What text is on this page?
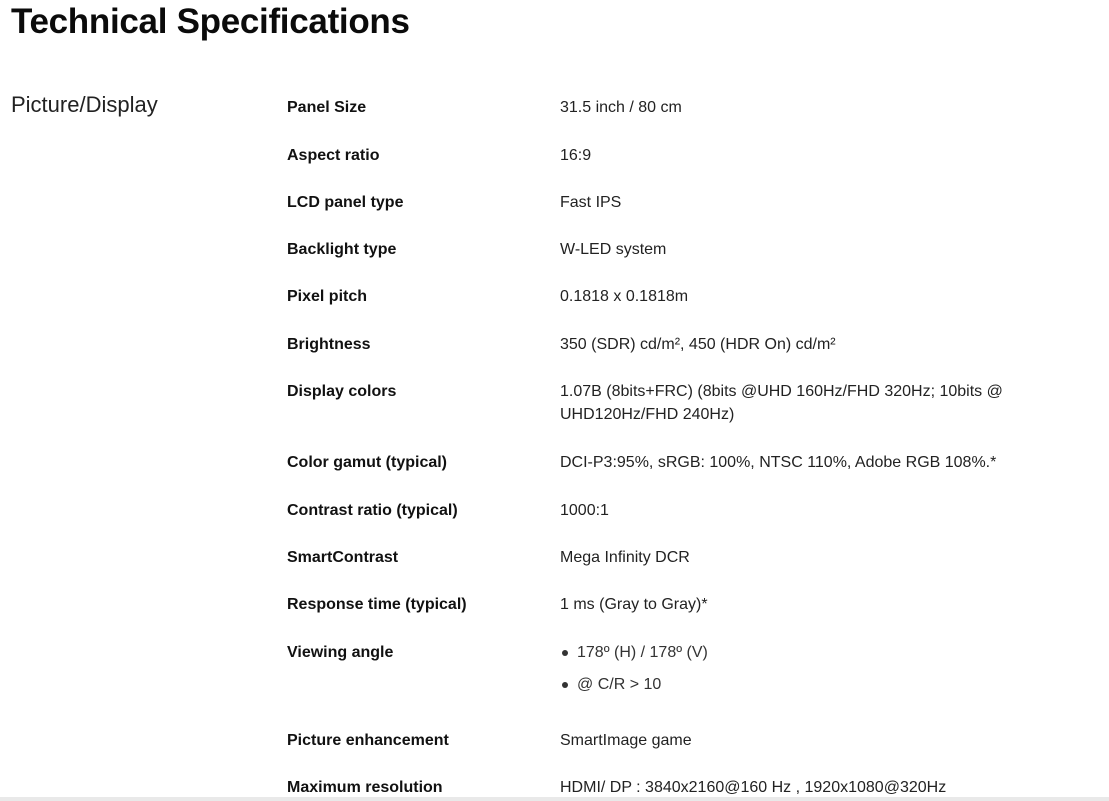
Technical Specifications
Picture/Display	Panel Size	31.5 inch / 80 cm
Aspect ratio	16:9
LCD panel type	Fast IPS
Backlight type	W-LED system
Pixel pitch	0.1818 x 0.1818m
Brightness	350 (SDR) cd/m², 450 (HDR On) cd/m²
Display colors	1.07B (8bits+FRC) (8bits @UHD 160Hz/FHD 320Hz; 10bits @ UHD120Hz/FHD 240Hz)
Color gamut (typical)	DCI-P3:95%, sRGB: 100%, NTSC 110%, Adobe RGB 108%.*
Contrast ratio (typical)	1000:1
SmartContrast	Mega Infinity DCR
Response time (typical)	1 ms (Gray to Gray)*
Viewing angle	178º (H) / 178º (V)
@ C/R > 10
Picture enhancement	SmartImage game
Maximum resolution	HDMI/ DP : 3840x2160@160 Hz , 1920x1080@320Hz
